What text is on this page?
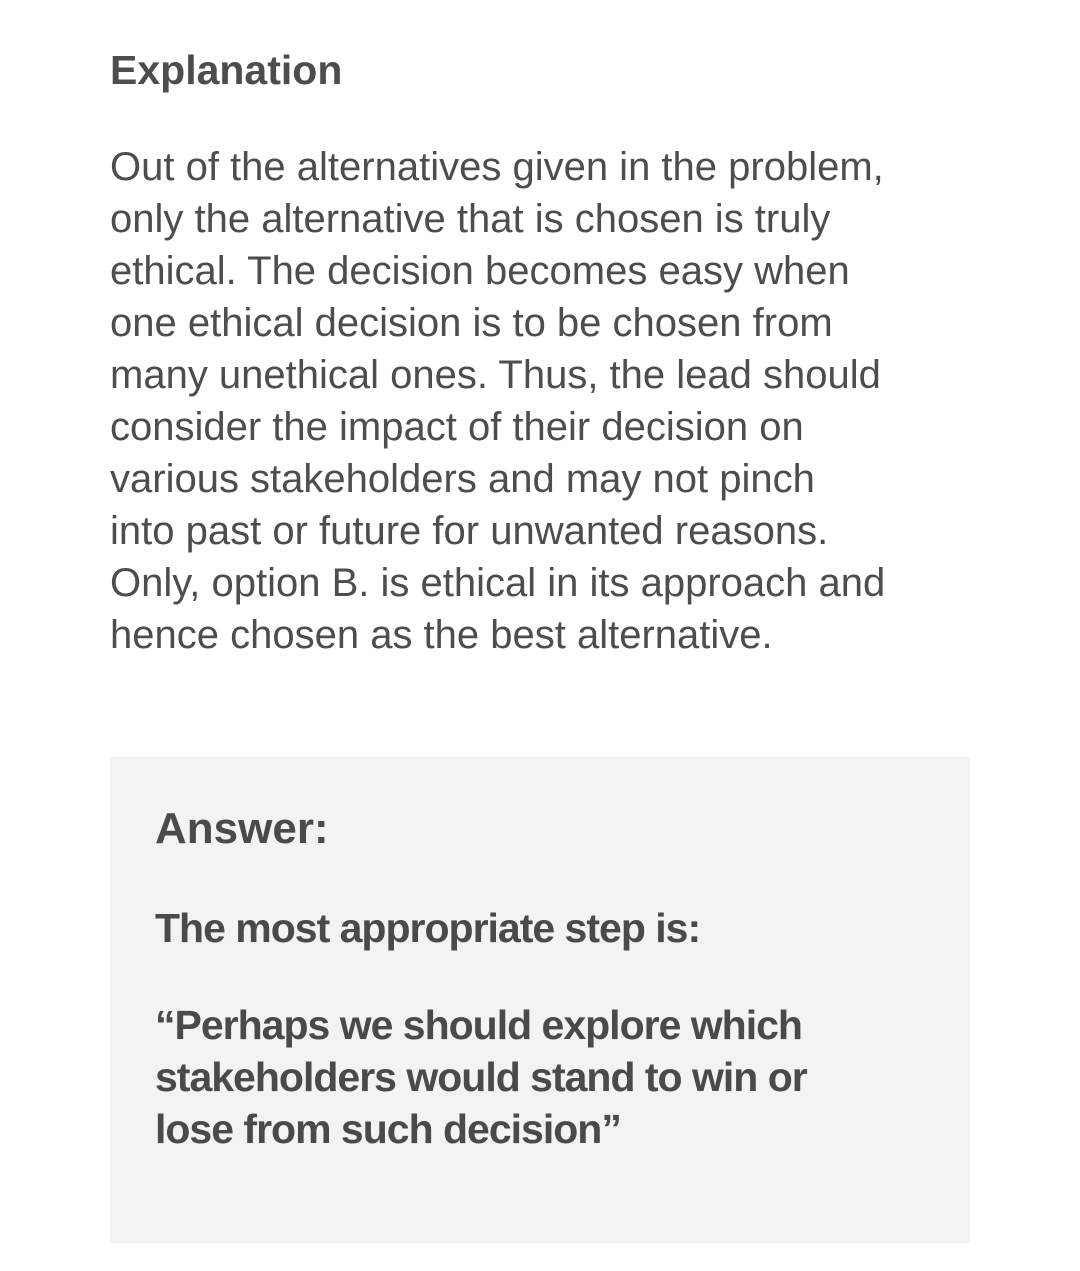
Explanation

Out of the alternatives given in the problem,
only the alternative that is chosen is truly
ethical. The decision becomes easy when
one ethical decision is to be chosen from
many unethical ones. Thus, the lead should
consider the impact of their decision on
various stakeholders and may not pinch
into past or future for unwanted reasons.
Only, option B. is ethical in its approach and
hence chosen as the best alternative.

Answer:

The most appropriate step is:

“Perhaps we should explore which
stakeholders would stand to win or
lose from such decision”
